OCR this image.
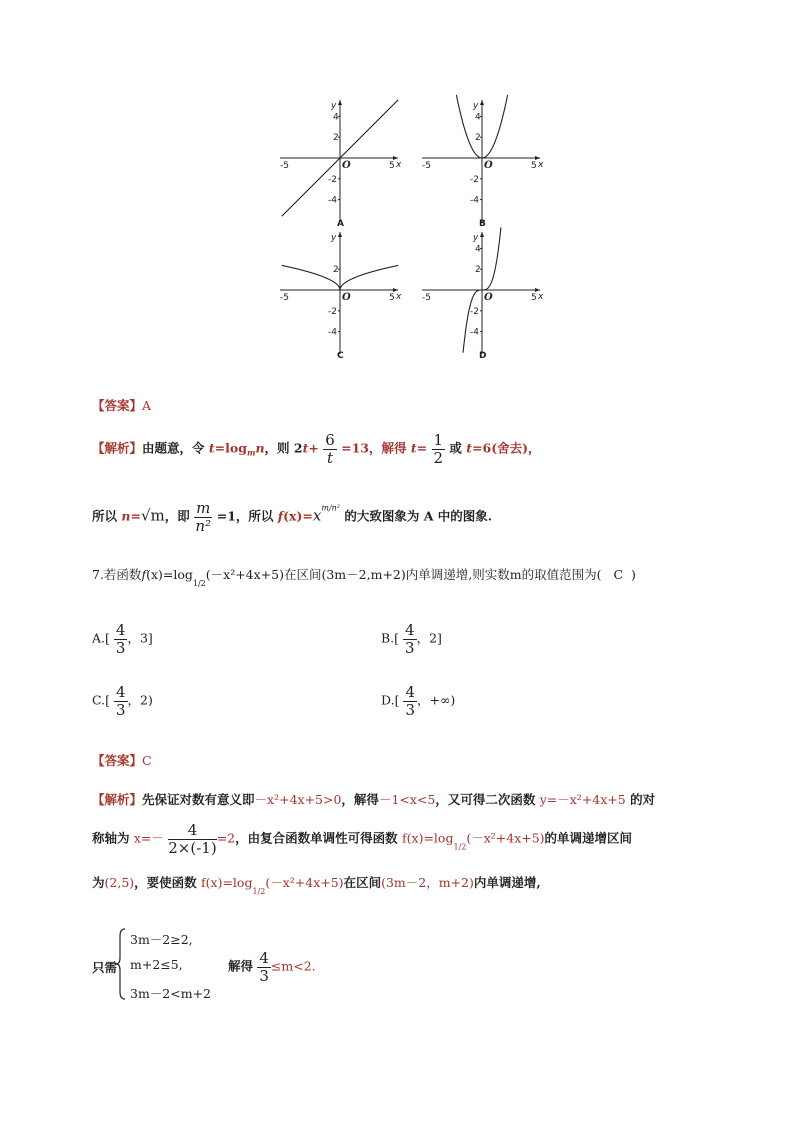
y
x
O
-5	5
4
2
-2
-4
A
y
x
O
-5	5
4
2
-2
-4
B
y
x
O
-5	5
2
-2
-4
C
y
x
O
-5	5
4
2
-2
-4
D
【答案】A
【解析】由题意，令 $t=\log_mn$，则 $2t+ \frac{6}{t} =13$，解得 $t= \frac{1}{2}$ 或 t=6(舍去)，
所以 n=√m，即 $\frac{m}{\text{n²}} =1$，所以 $f(x)=x^{m/n^2}$ 的大致图象为 A 中的图象.
7.若函数$f(x)=\log_{1/2}(-x^2+4x+5)$在区间(3m－2,m+2)内单调递增,则实数m的取值范围为( C )
$A.[ \frac{4}{3}$ ，3]	$B.[ \frac{4}{3}$ ，2]
$C.[ \frac{4}{3}$ ，2)	$D.[ \frac{4}{3}$ ，+∞)
【答案】C
【解析】先保证对数有意义即－x²+4x+5>0，解得－1<x<5，又可得二次函数 y=－x²+4x+5 的对
称轴为 $x=- \frac{4}{2\times(-1)} =2$，由复合函数单调性可得函数 $f(x)=\log_{1/2}(-x^2+4x+5)$的单调递增区间
为(2,5)，要使函数 $f(x)=\log_{1/2}(-x^2+4x+5)$在区间(3m－2，m+2)内单调递增,
只需
3m－2≥2,
m+2≤5,
3m－2<m+2
解得 $\frac{4}{3} \le m<2$.
